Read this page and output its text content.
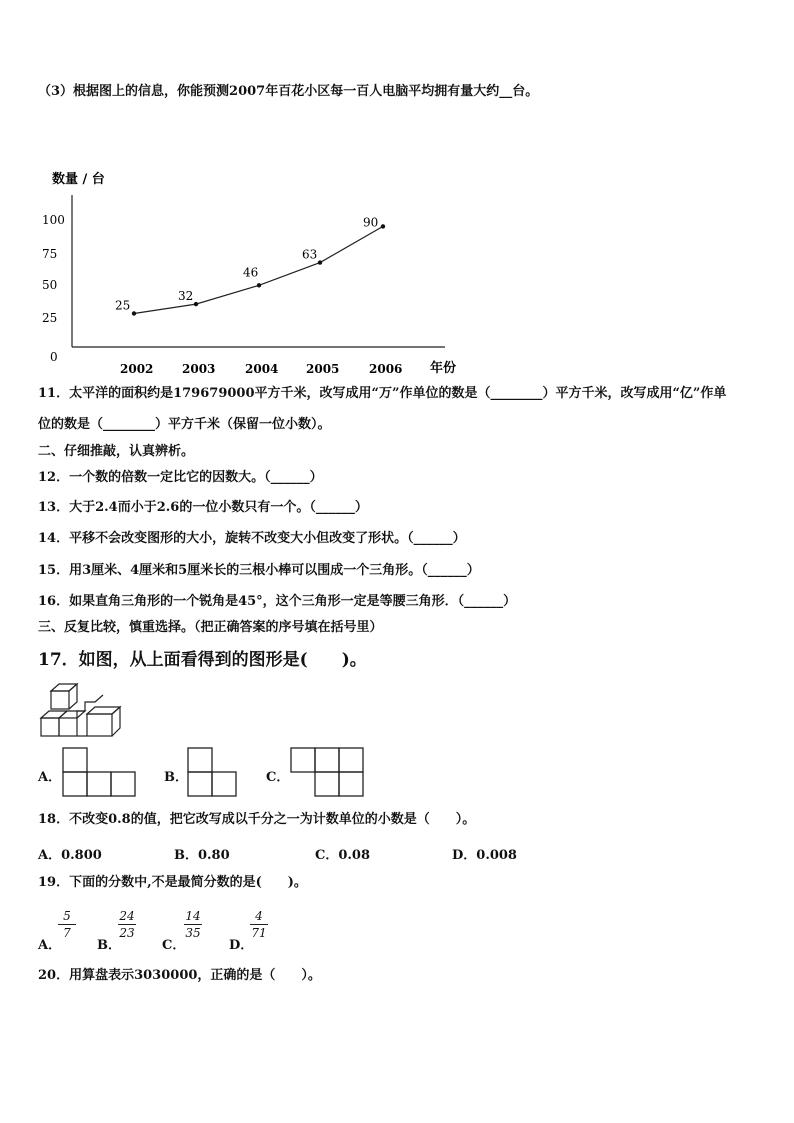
（3）根据图上的信息，你能预测2007年百花小区每一百人电脑平均拥有量大约__台。
数量 / 台
100
75
50
25
0
年份
25
2002
32
2003
46
2004
63
2005
90
2006
11．太平洋的面积约是179679000平方千米，改写成用“万”作单位的数是（________）平方千米，改写成用“亿”作单
位的数是（________）平方千米（保留一位小数）。
二、仔细推敲，认真辨析。
12．一个数的倍数一定比它的因数大。（______）
13．大于2.4而小于2.6的一位小数只有一个。（______）
14．平移不会改变图形的大小，旋转不改变大小但改变了形状。（______）
15．用3厘米、4厘米和5厘米长的三根小棒可以围成一个三角形。（______）
16．如果直角三角形的一个锐角是45°，这个三角形一定是等腰三角形．（______）
三、反复比较，慎重选择。（把正确答案的序号填在括号里）
17．如图，从上面看得到的图形是(　　)。
A．	B．	C．
18．不改变0.8的值，把它改写成以千分之一为计数单位的小数是（　　）。
A．0.800	B．0.80	C．0.08	D．0.008
19．下面的分数中,不是最简分数的是(　　)。
A．
5
7
B．
24
23
C．
14
35
D．
4
71
20．用算盘表示3030000，正确的是（　　）。
